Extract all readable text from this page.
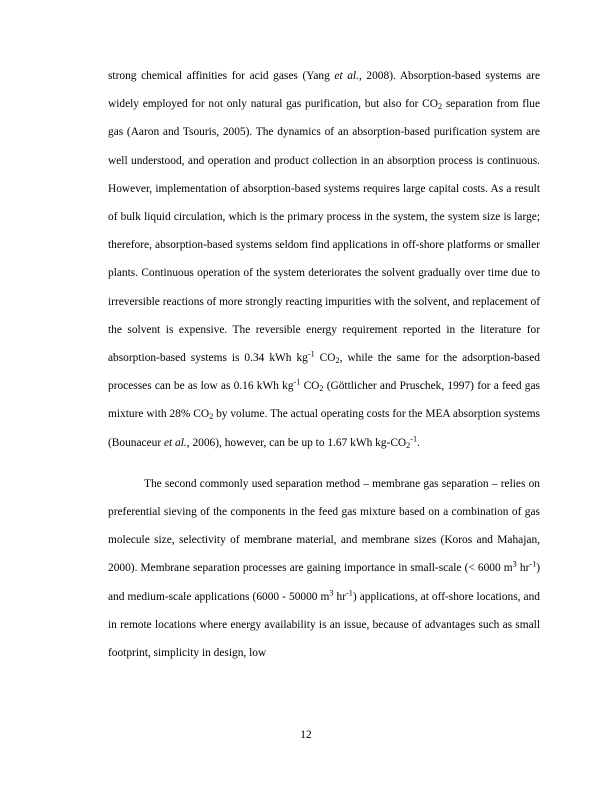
strong chemical affinities for acid gases (Yang et al., 2008). Absorption-based systems are widely employed for not only natural gas purification, but also for $CO_2$ separation from flue gas (Aaron and Tsouris, 2005). The dynamics of an absorption-based purification system are well understood, and operation and product collection in an absorption process is continuous. However, implementation of absorption-based systems requires large capital costs. As a result of bulk liquid circulation, which is the primary process in the system, the system size is large; therefore, absorption-based systems seldom find applications in off-shore platforms or smaller plants. Continuous operation of the system deteriorates the solvent gradually over time due to irreversible reactions of more strongly reacting impurities with the solvent, and replacement of the solvent is expensive. The reversible energy requirement reported in the literature for absorption-based systems is 0.34 kWh $kg^{-1}$ $CO_2$, while the same for the adsorption-based processes can be as low as 0.16 kWh $kg^{-1}$ $CO_2$ (Göttlicher and Pruschek, 1997) for a feed gas mixture with 28% $CO_2$ by volume. The actual operating costs for the MEA absorption systems (Bounaceur et al., 2006), however, can be up to 1.67 kWh $kg-CO_2^{-1}$.

The second commonly used separation method – membrane gas separation – relies on preferential sieving of the components in the feed gas mixture based on a combination of gas molecule size, selectivity of membrane material, and membrane sizes (Koros and Mahajan, 2000). Membrane separation processes are gaining importance in small-scale (< 6000 $m^3$ $hr^{-1}$) and medium-scale applications (6000 - 50000 $m^3$ $hr^{-1}$) applications, at off-shore locations, and in remote locations where energy availability is an issue, because of advantages such as small footprint, simplicity in design, low

12
